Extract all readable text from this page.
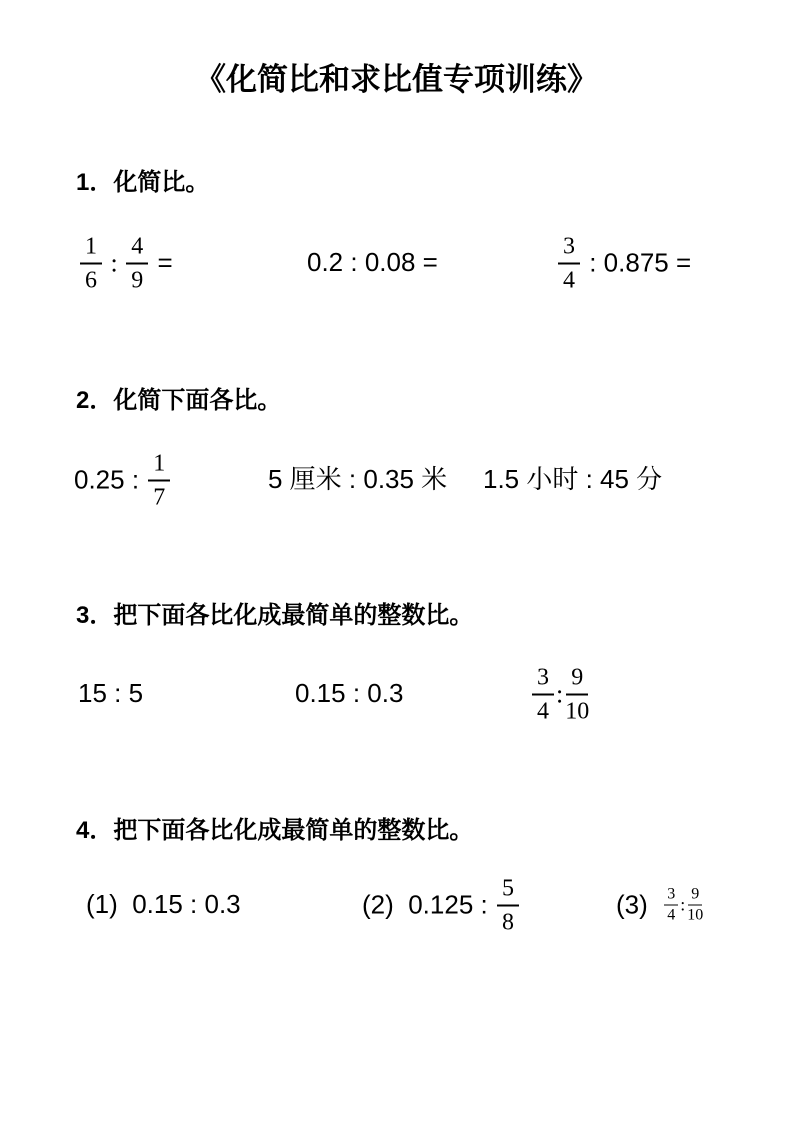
《化简比和求比值专项训练》
1．化简比。
$\frac{1}{6}$ : $\frac{4}{9}$ =	0.2 : 0.08 =	$\frac{3}{4}$ : 0.875 =
2．化简下面各比。
0.25 : $\frac{1}{7}$	5 厘米 : 0.35 米 1.5 小时 : 45 分
3．把下面各比化成最简单的整数比。
15 : 5	0.15 : 0.3	$\frac{3}{4}$ : $\frac{9}{10}$
4．把下面各比化成最简单的整数比。
(1)  0.15 : 0.3	(2)  0.125 : $\frac{5}{8}$	$(3) \frac{3}{4}$ : $\frac{9}{10}$
